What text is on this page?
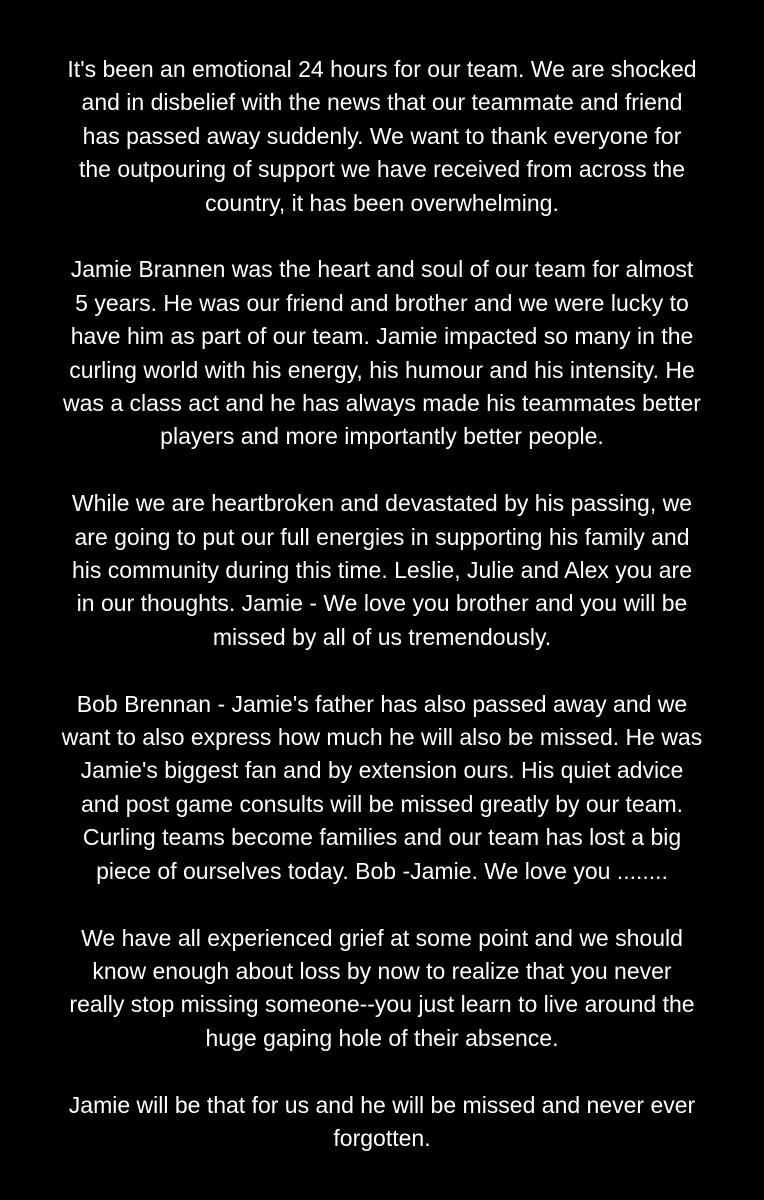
It's been an emotional 24 hours for our team. We are shocked
and in disbelief with the news that our teammate and friend
has passed away suddenly. We want to thank everyone for
the outpouring of support we have received from across the
country, it has been overwhelming.

Jamie Brannen was the heart and soul of our team for almost
5 years. He was our friend and brother and we were lucky to
have him as part of our team. Jamie impacted so many in the
curling world with his energy, his humour and his intensity. He
was a class act and he has always made his teammates better
players and more importantly better people.

While we are heartbroken and devastated by his passing, we
are going to put our full energies in supporting his family and
his community during this time. Leslie, Julie and Alex you are
in our thoughts. Jamie - We love you brother and you will be
missed by all of us tremendously.

Bob Brennan - Jamie's father has also passed away and we
want to also express how much he will also be missed. He was
Jamie's biggest fan and by extension ours. His quiet advice
and post game consults will be missed greatly by our team.
Curling teams become families and our team has lost a big
piece of ourselves today. Bob -Jamie. We love you ........

We have all experienced grief at some point and we should
know enough about loss by now to realize that you never
really stop missing someone--you just learn to live around the
huge gaping hole of their absence.

Jamie will be that for us and he will be missed and never ever
forgotten.
